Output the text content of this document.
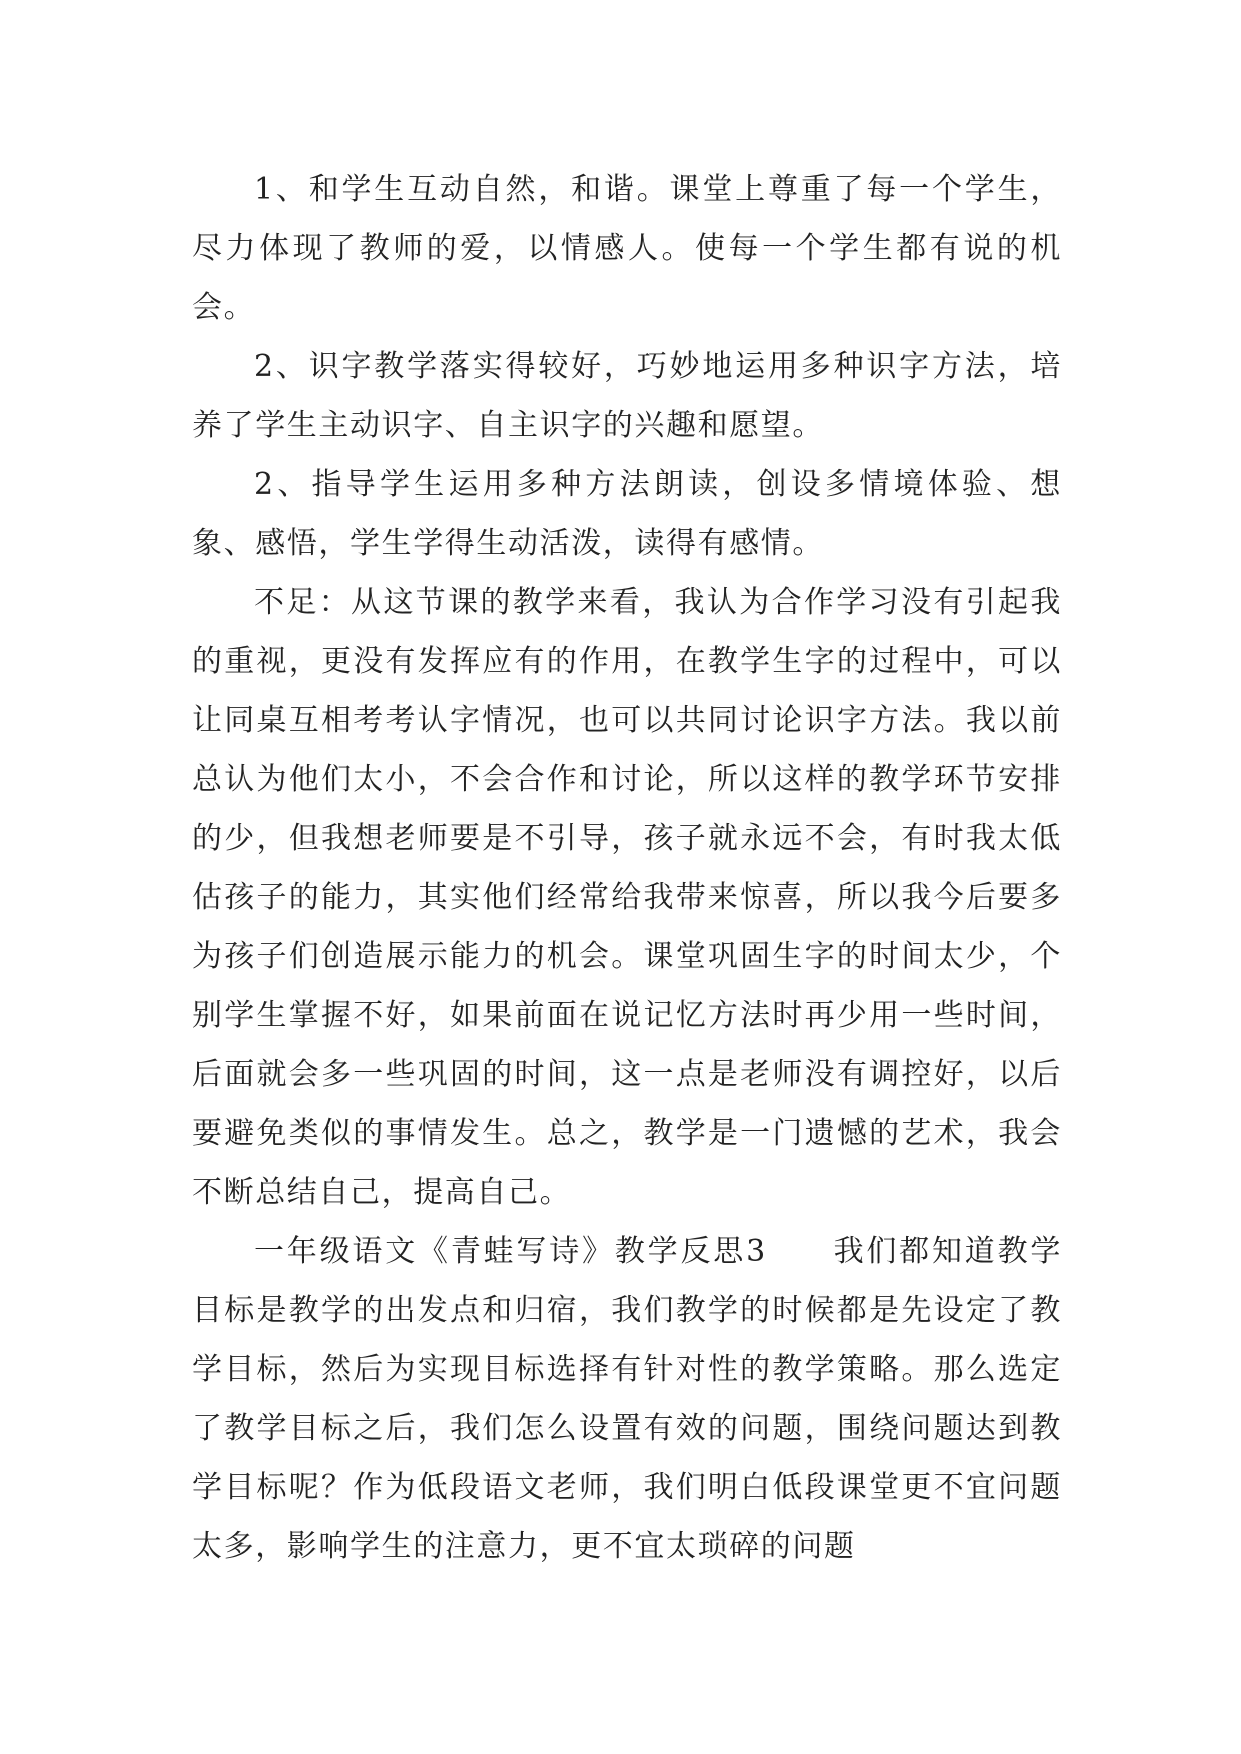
1、和学生互动自然，和谐。课堂上尊重了每一个学生，尽力体现了教师的爱，以情感人。使每一个学生都有说的机会。

2、识字教学落实得较好，巧妙地运用多种识字方法，培养了学生主动识字、自主识字的兴趣和愿望。

2、指导学生运用多种方法朗读，创设多情境体验、想象、感悟，学生学得生动活泼，读得有感情。

不足：从这节课的教学来看，我认为合作学习没有引起我的重视，更没有发挥应有的作用，在教学生字的过程中，可以让同桌互相考考认字情况，也可以共同讨论识字方法。我以前总认为他们太小，不会合作和讨论，所以这样的教学环节安排的少，但我想老师要是不引导，孩子就永远不会，有时我太低估孩子的能力，其实他们经常给我带来惊喜，所以我今后要多为孩子们创造展示能力的机会。课堂巩固生字的时间太少，个别学生掌握不好，如果前面在说记忆方法时再少用一些时间，后面就会多一些巩固的时间，这一点是老师没有调控好，以后要避免类似的事情发生。总之，教学是一门遗憾的艺术，我会不断总结自己，提高自己。

一年级语文《青蛙写诗》教学反思3　　我们都知道教学目标是教学的出发点和归宿，我们教学的时候都是先设定了教学目标，然后为实现目标选择有针对性的教学策略。那么选定了教学目标之后，我们怎么设置有效的问题，围绕问题达到教学目标呢？作为低段语文老师，我们明白低段课堂更不宜问题太多，影响学生的注意力，更不宜太琐碎的问题
